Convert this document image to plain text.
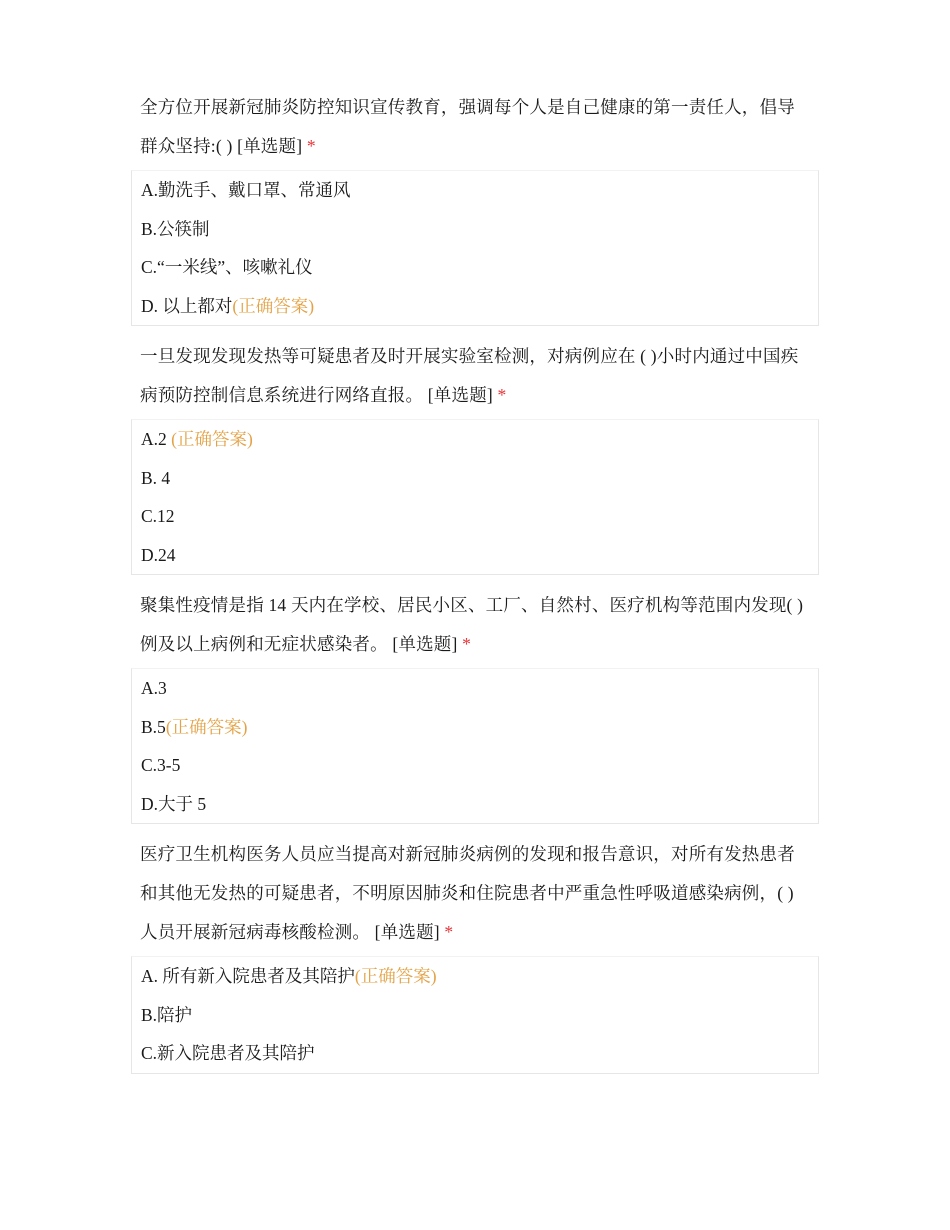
全方位开展新冠肺炎防控知识宣传教育，强调每个人是自己健康的第一责任人，倡导群众坚持:( ) [单选题] *
A.勤洗手、戴口罩、常通风
B.公筷制
C.“一米线”、咳嗽礼仪
D. 以上都对(正确答案)
一旦发现发现发热等可疑患者及时开展实验室检测，对病例应在 ( )小时内通过中国疾病预防控制信息系统进行网络直报。 [单选题] *
A.2 (正确答案)
B. 4
C.12
D.24
聚集性疫情是指 14 天内在学校、居民小区、工厂、自然村、医疗机构等范围内发现( )例及以上病例和无症状感染者。 [单选题] *
A.3
B.5(正确答案)
C.3-5
D.大于 5
医疗卫生机构医务人员应当提高对新冠肺炎病例的发现和报告意识，对所有发热患者和其他无发热的可疑患者，不明原因肺炎和住院患者中严重急性呼吸道感染病例，( )人员开展新冠病毒核酸检测。 [单选题] *
A. 所有新入院患者及其陪护(正确答案)
B.陪护
C.新入院患者及其陪护
